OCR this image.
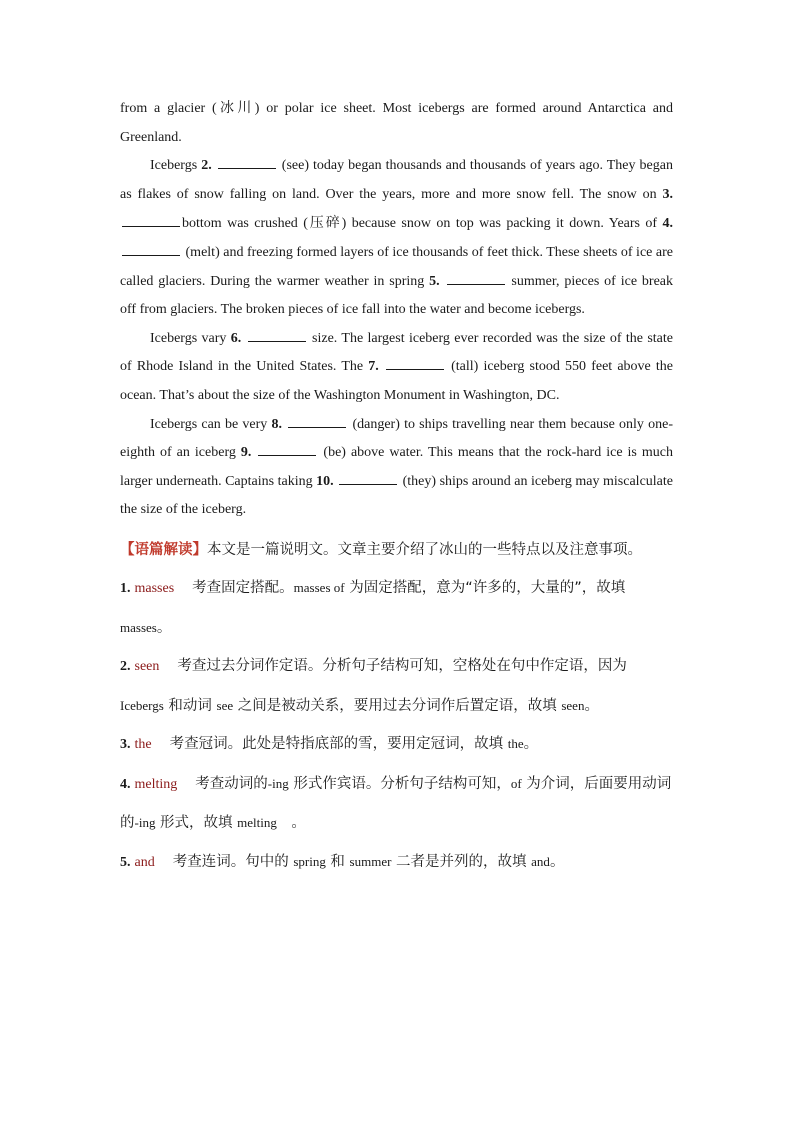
from a glacier (冰川) or polar ice sheet. Most icebergs are formed around Antarctica and Greenland.

Icebergs 2.	(see) today began thousands and thousands of years ago. They began as flakes of snow falling on land. Over the years, more and more snow fell. The snow on 3. bottom was crushed (压碎) because snow on top was packing it down. Years of 4.  (melt) and freezing formed layers of ice thousands of feet thick. These sheets of ice are called glaciers. During the warmer weather in spring 5.	summer, pieces of ice break off from glaciers. The broken pieces of ice fall into the water and become icebergs.

Icebergs vary 6.	size. The largest iceberg ever recorded was the size of the state of Rhode Island in the United States. The 7.	(tall) iceberg stood 550 feet above the ocean. That’s about the size of the Washington Monument in Washington, DC.

Icebergs can be very 8.	(danger) to ships travelling near them because only one-eighth of an iceberg 9.	(be) above water. This means that the rock-hard ice is much larger underneath. Captains taking 10.	(they) ships around an iceberg may miscalculate the size of the iceberg.

【语篇解读】本文是一篇说明文。文章主要介绍了冰山的一些特点以及注意事项。

1. masses 考查固定搭配。masses of 为固定搭配，意为“许多的，大量的”，故填 masses。

2. seen 考查过去分词作定语。分析句子结构可知，空格处在句中作定语，因为 Icebergs 和动词 see 之间是被动关系，要用过去分词作后置定语，故填 seen。

3. the 考查冠词。此处是特指底部的雪，要用定冠词，故填 the。

4. melting 考查动词的-ing 形式作宾语。分析句子结构可知，of 为介词，后面要用动词的-ing 形式，故填 melting　。

5. and 考查连词。句中的 spring 和 summer 二者是并列的，故填 and。
